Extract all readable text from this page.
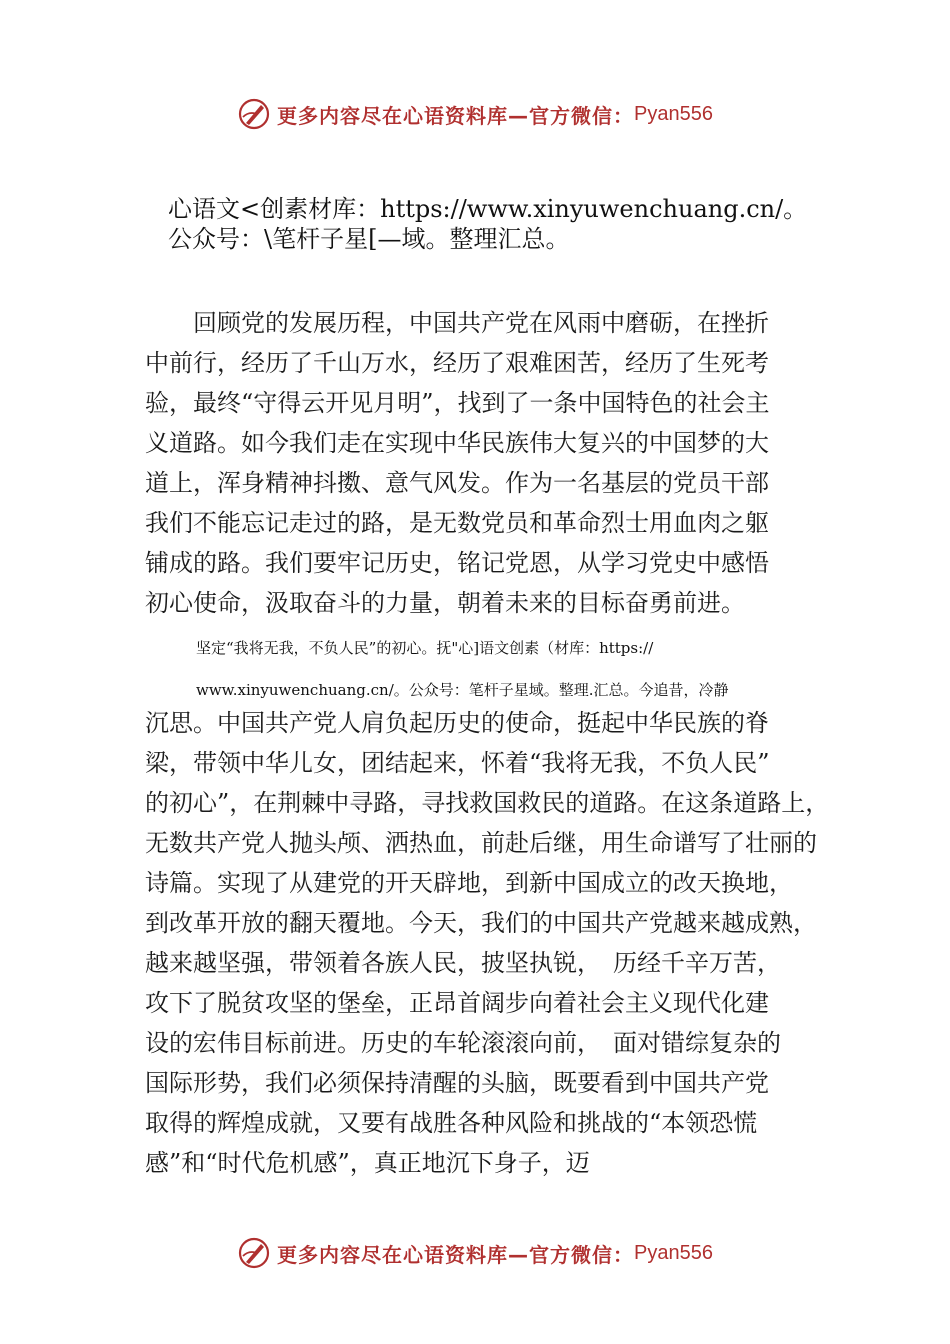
更多内容尽在心语资料库—官方微信： Pyan556
心语文<创素材库：https://www.xinyuwenchuang.cn/。公众号：\笔杆子星[—域。整理汇总。
　　回顾党的发展历程，中国共产党在风雨中磨砺，在挫折
中前行，经历了千山万水，经历了艰难困苦，经历了生死考
验，最终“守得云开见月明”，找到了一条中国特色的社会主
义道路。如今我们走在实现中华民族伟大复兴的中国梦的大
道上，浑身精神抖擞、意气风发。作为一名基层的党员干部
我们不能忘记走过的路，是无数党员和革命烈士用血肉之躯
铺成的路。我们要牢记历史，铭记党恩，从学习党史中感悟
初心使命，汲取奋斗的力量，朝着未来的目标奋勇前进。
坚定“我将无我，不负人民”的初心。抚"心]语文创素（材库：https://
www.xinyuwenchuang.cn/。公众号：笔杆子星域。整理.汇总。今追昔，冷静
沉思。中国共产党人肩负起历史的使命，挺起中华民族的脊
梁，带领中华儿女，团结起来，怀着“我将无我，不负人民”
的初心”，在荆棘中寻路，寻找救国救民的道路。在这条道路上，
无数共产党人抛头颅、洒热血，前赴后继，用生命谱写了壮丽的
诗篇。实现了从建党的开天辟地，到新中国成立的改天换地，
到改革开放的翻天覆地。今天，我们的中国共产党越来越成熟，
越来越坚强，带领着各族人民，披坚执锐，　历经千辛万苦，
攻下了脱贫攻坚的堡垒，正昂首阔步向着社会主义现代化建
设的宏伟目标前进。历史的车轮滚滚向前，　面对错综复杂的
国际形势，我们必须保持清醒的头脑，既要看到中国共产党
取得的辉煌成就，又要有战胜各种风险和挑战的“本领恐慌
感”和“时代危机感”，真正地沉下身子，迈
更多内容尽在心语资料库—官方微信： Pyan556
